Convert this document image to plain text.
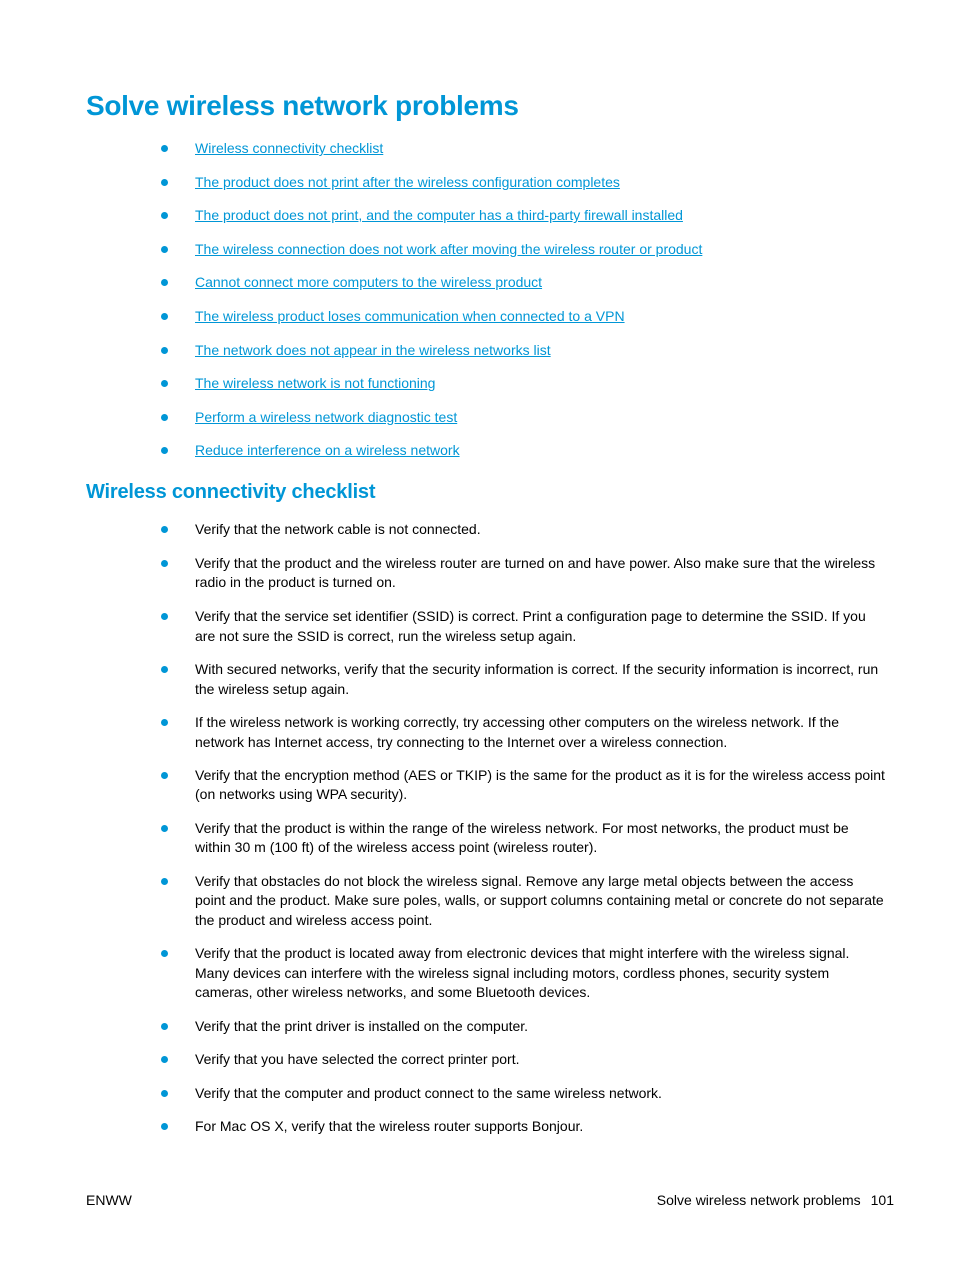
Solve wireless network problems
Wireless connectivity checklist
The product does not print after the wireless configuration completes
The product does not print, and the computer has a third-party firewall installed
The wireless connection does not work after moving the wireless router or product
Cannot connect more computers to the wireless product
The wireless product loses communication when connected to a VPN
The network does not appear in the wireless networks list
The wireless network is not functioning
Perform a wireless network diagnostic test
Reduce interference on a wireless network
Wireless connectivity checklist
Verify that the network cable is not connected.
Verify that the product and the wireless router are turned on and have power. Also make sure that the wireless radio in the product is turned on.
Verify that the service set identifier (SSID) is correct. Print a configuration page to determine the SSID. If you are not sure the SSID is correct, run the wireless setup again.
With secured networks, verify that the security information is correct. If the security information is incorrect, run the wireless setup again.
If the wireless network is working correctly, try accessing other computers on the wireless network. If the network has Internet access, try connecting to the Internet over a wireless connection.
Verify that the encryption method (AES or TKIP) is the same for the product as it is for the wireless access point (on networks using WPA security).
Verify that the product is within the range of the wireless network. For most networks, the product must be within 30 m (100 ft) of the wireless access point (wireless router).
Verify that obstacles do not block the wireless signal. Remove any large metal objects between the access point and the product. Make sure poles, walls, or support columns containing metal or concrete do not separate the product and wireless access point.
Verify that the product is located away from electronic devices that might interfere with the wireless signal. Many devices can interfere with the wireless signal including motors, cordless phones, security system cameras, other wireless networks, and some Bluetooth devices.
Verify that the print driver is installed on the computer.
Verify that you have selected the correct printer port.
Verify that the computer and product connect to the same wireless network.
For Mac OS X, verify that the wireless router supports Bonjour.
ENWW	Solve wireless network problems 101
